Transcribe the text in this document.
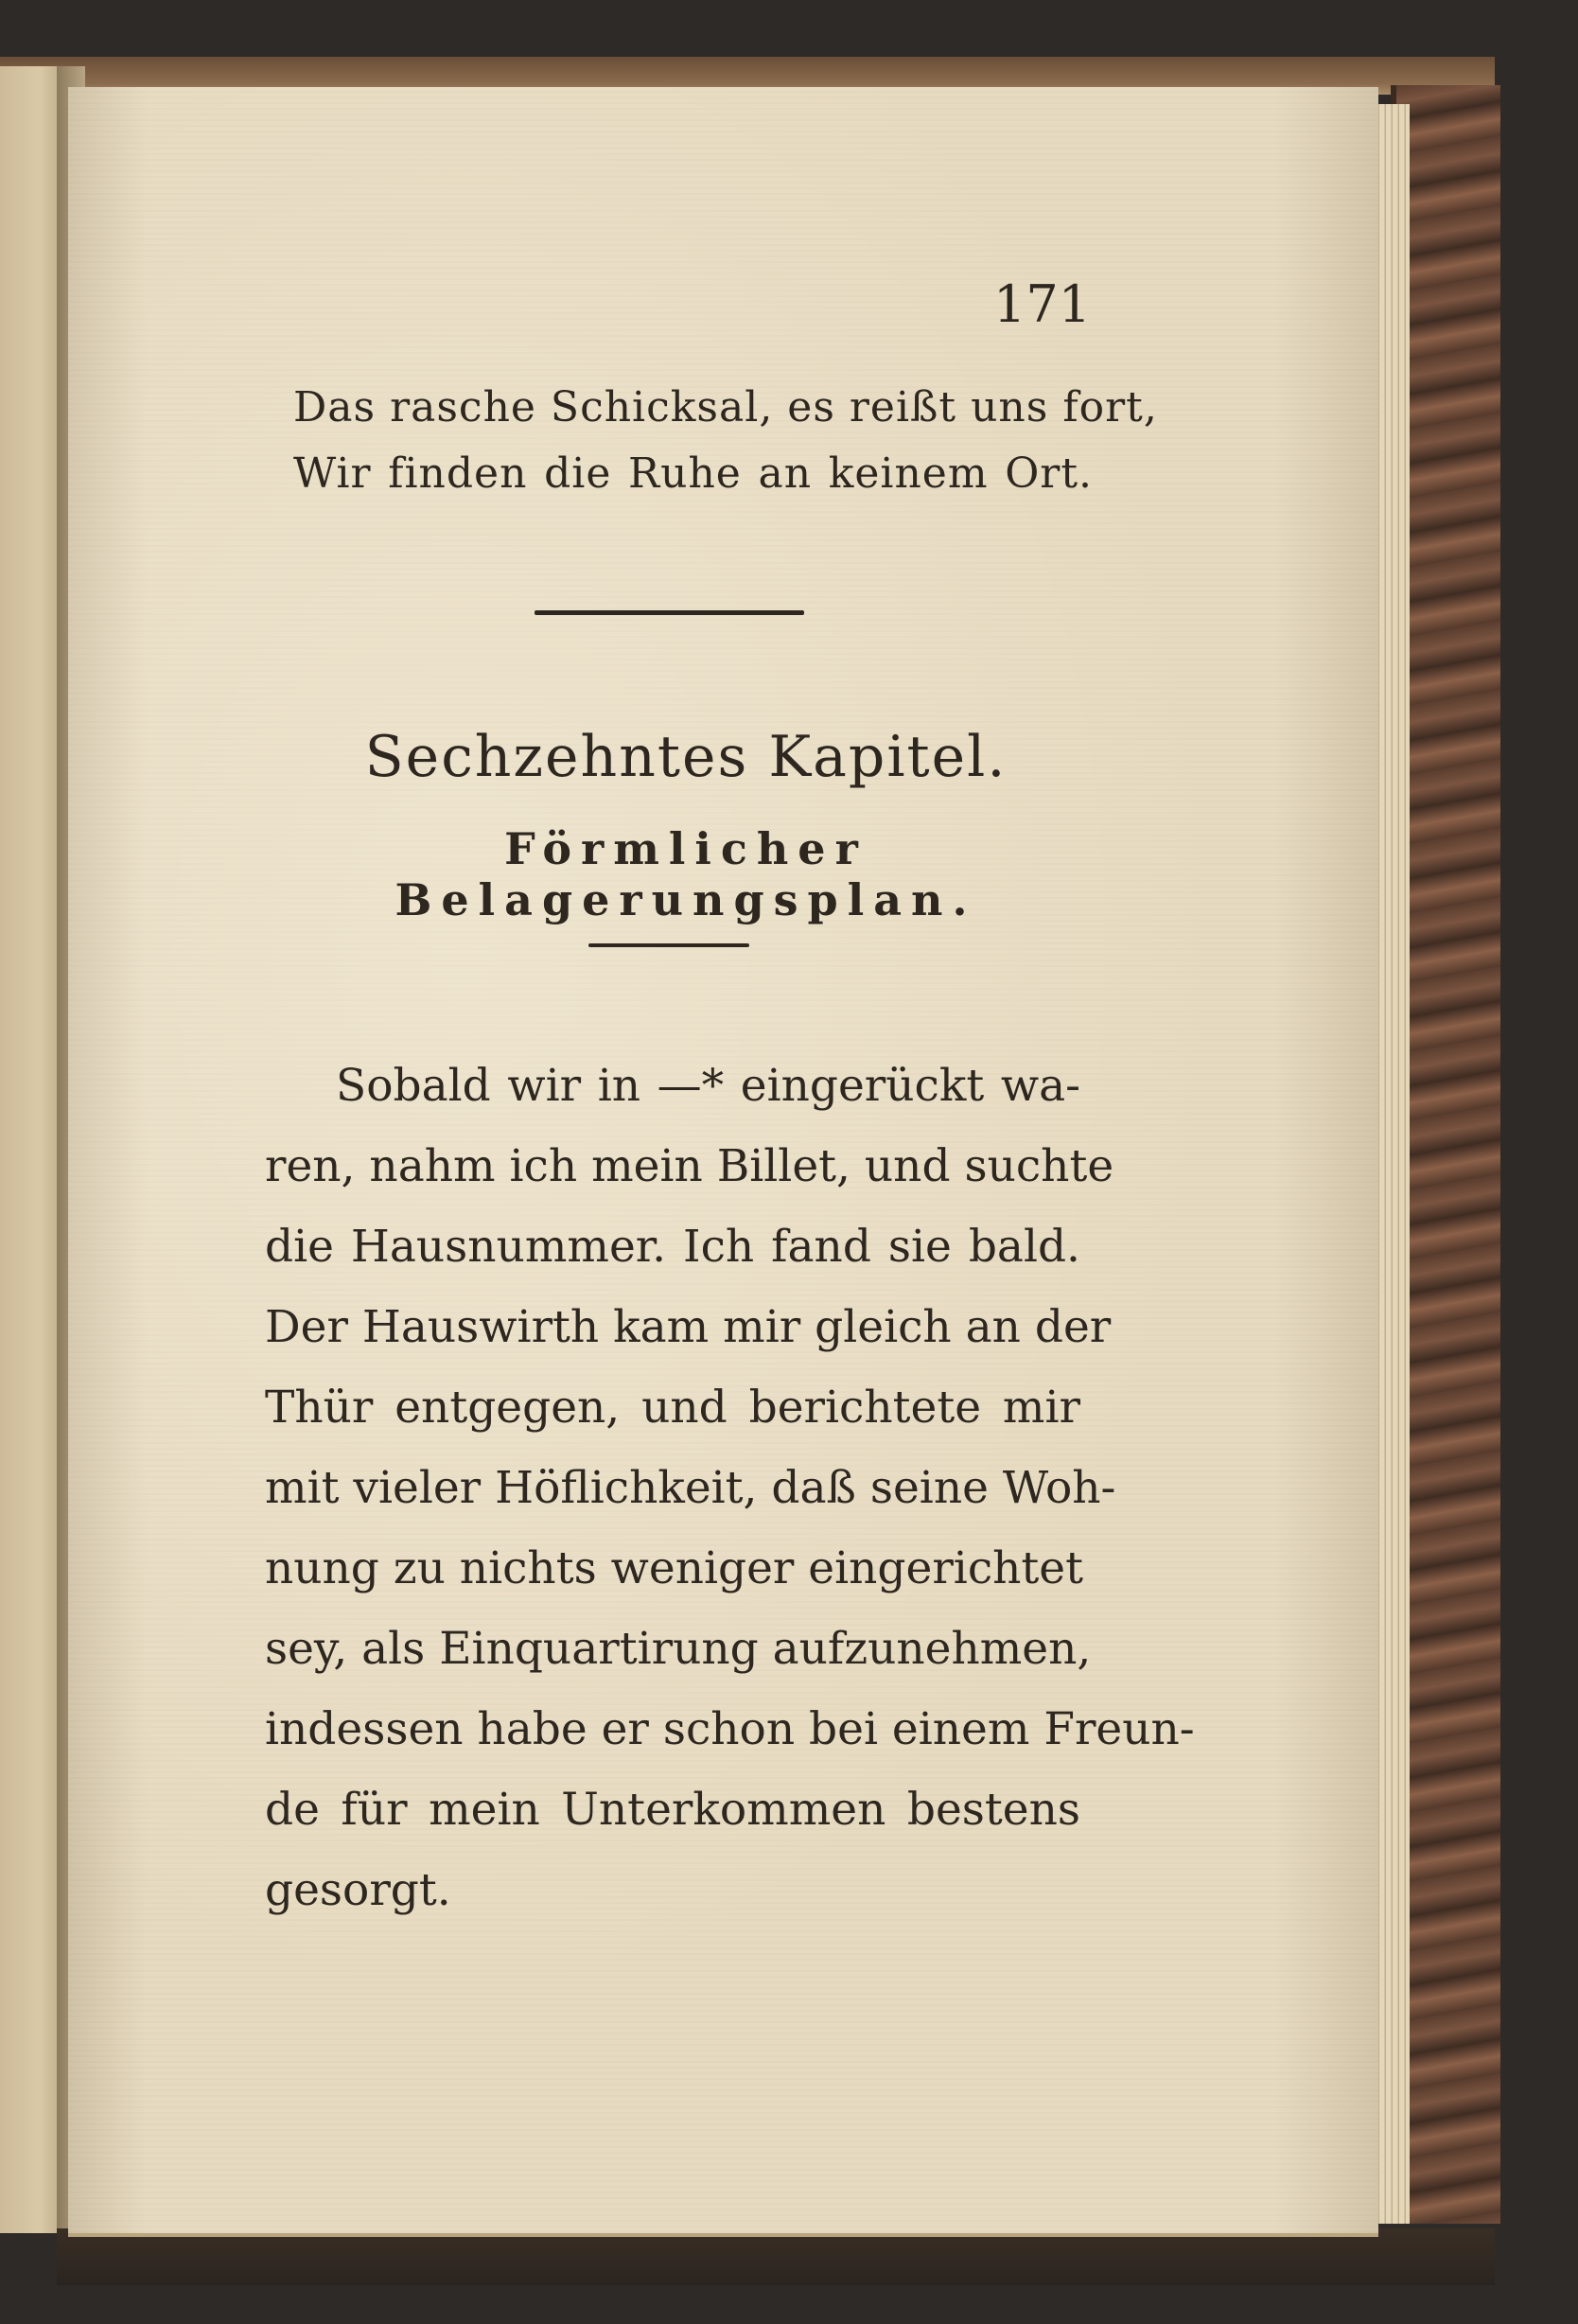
171
Das rasche Schicksal, es reißt uns fort,
Wir finden die Ruhe an keinem Ort.
Sechzehntes Kapitel.
Förmlicher Belagerungsplan.
Sobald wir in —* eingerückt wa-
ren, nahm ich mein Billet, und suchte
die Hausnummer. Ich fand sie bald.
Der Hauswirth kam mir gleich an der
Thür entgegen, und berichtete mir
mit vieler Höflichkeit, daß seine Woh-
nung zu nichts weniger eingerichtet
sey, als Einquartirung aufzunehmen,
indessen habe er schon bei einem Freun-
de für mein Unterkommen bestens
gesorgt.
